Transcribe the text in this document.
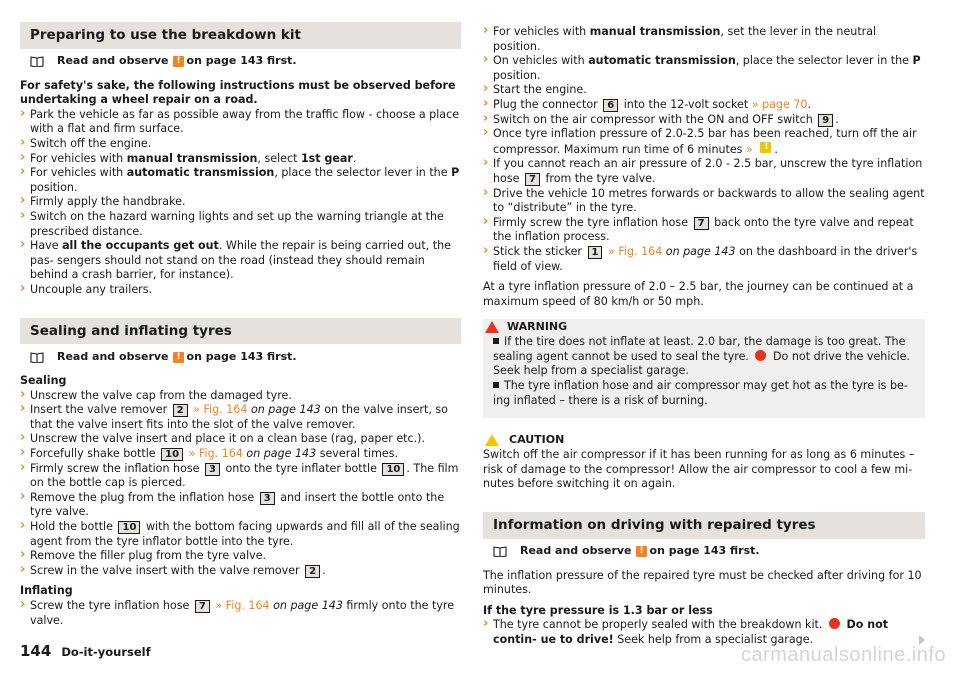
Preparing to use the breakdown kit
Read and observe ! on page 143 first.

For safety's sake, the following instructions must be observed before undertaking a wheel repair on a road.

› Park the vehicle as far as possible away from the traffic flow - choose a place with a flat and firm surface.
› Switch off the engine.
› For vehicles with manual transmission, select 1st gear.
› For vehicles with automatic transmission, place the selector lever in the P position.
› Firmly apply the handbrake.
› Switch on the hazard warning lights and set up the warning triangle at the prescribed distance.
› Have all the occupants get out. While the repair is being carried out, the pas- sengers should not stand on the road (instead they should remain behind a crash barrier, for instance).
› Uncouple any trailers.
Sealing and inflating tyres
Read and observe ! on page 143 first.

Sealing

› Unscrew the valve cap from the damaged tyre.
› Insert the valve remover 2 » Fig. 164 on page 143 on the valve insert, so that the valve insert fits into the slot of the valve remover.
› Unscrew the valve insert and place it on a clean base (rag, paper etc.).
› Forcefully shake bottle 10 » Fig. 164 on page 143 several times.
› Firmly screw the inflation hose 3 onto the tyre inflater bottle 10 . The film on the bottle cap is pierced.
› Remove the plug from the inflation hose 3 and insert the bottle onto the tyre valve.
› Hold the bottle 10 with the bottom facing upwards and fill all of the sealing agent from the tyre inflator bottle into the tyre.
› Remove the filler plug from the tyre valve.
› Screw in the valve insert with the valve remover 2 .

Inflating

› Screw the tyre inflation hose 7 » Fig. 164 on page 143 firmly onto the tyre valve.
› For vehicles with manual transmission, set the lever in the neutral position.
› On vehicles with automatic transmission, place the selector lever in the P position.
› Start the engine.
› Plug the connector 6 into the 12-volt socket » page 70.
› Switch on the air compressor with the ON and OFF switch 9 .
› Once tyre inflation pressure of 2.0-2.5 bar has been reached, turn off the air compressor. Maximum run time of 6 minutes » ! .
› If you cannot reach an air pressure of 2.0 - 2.5 bar, unscrew the tyre inflation hose 7 from the tyre valve.
› Drive the vehicle 10 metres forwards or backwards to allow the sealing agent to “distribute” in the tyre.
› Firmly screw the tyre inflation hose 7 back onto the tyre valve and repeat the inflation process.
› Stick the sticker 1 » Fig. 164 on page 143 on the dashboard in the driver's field of view.

At a tyre inflation pressure of 2.0 – 2.5 bar, the journey can be continued at a maximum speed of 80 km/h or 50 mph.

WARNING

If the tire does not inflate at least. 2.0 bar, the damage is too great. The sealing agent cannot be used to seal the tyre. Do not drive the vehicle. Seek help from a specialist garage.

The tyre inflation hose and air compressor may get hot as the tyre is be- ing inflated – there is a risk of burning.

CAUTION

Switch off the air compressor if it has been running for as long as 6 minutes – risk of damage to the compressor! Allow the air compressor to cool a few mi- nutes before switching it on again.

Information on driving with repaired tyres
Read and observe ! on page 143 first.

The inflation pressure of the repaired tyre must be checked after driving for 10 minutes.

If the tyre pressure is 1.3 bar or less

› The tyre cannot be properly sealed with the breakdown kit. Do not contin- ue to drive! Seek help from a specialist garage.
144 Do-it-yourself	carmanualsonline.info
